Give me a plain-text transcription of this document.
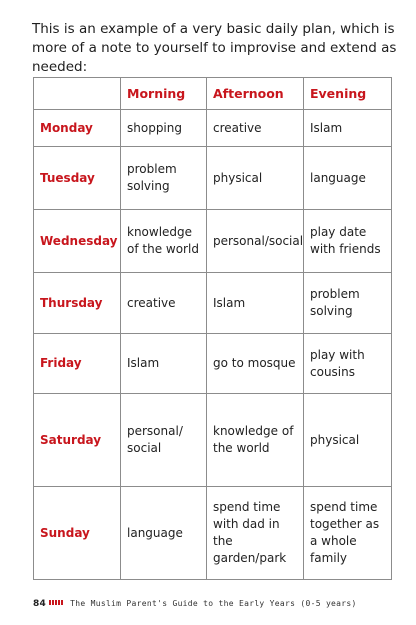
This is an example of a very basic daily plan, which is more of a note to yourself to improvise and extend as needed:

	Morning	Afternoon	Evening
Monday	shopping	creative	Islam
Tuesday	problem solving	physical	language
Wednesday	knowledge of the world	personal/social	play date with friends
Thursday	creative	Islam	problem solving
Friday	Islam	go to mosque	play with cousins
Saturday	personal/ social	knowledge of the world	physical
Sunday	language	spend time with dad in the garden/park	spend time together as a whole family
84	The Muslim Parent's Guide to the Early Years (0-5 years)
